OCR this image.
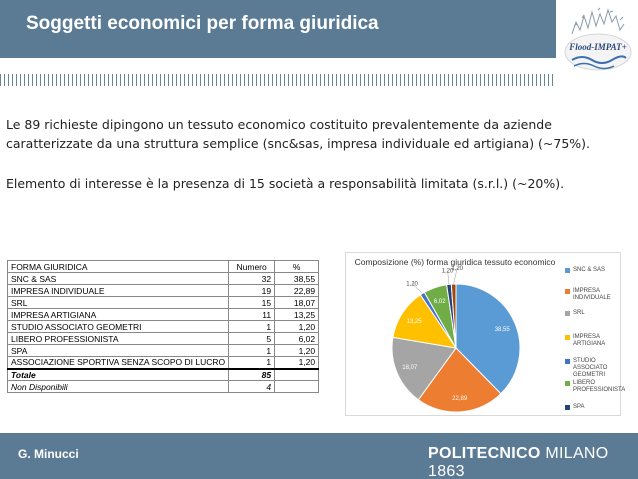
Soggetti economici per forma giuridica
Flood-IMPAT+
Le 89 richieste dipingono un tessuto economico costituito prevalentemente da aziende caratterizzate da una struttura semplice (snc&sas, impresa individuale ed artigiana) (~75%).
Elemento di interesse è la presenza di 15 società a responsabilità limitata (s.r.l.) (~20%).
FORMA GIURIDICA	Numero	%
SNC & SAS	32	38,55
IMPRESA INDIVIDUALE	19	22,89
SRL	15	18,07
IMPRESA ARTIGIANA	11	13,25
STUDIO ASSOCIATO GEOMETRI	1	1,20
LIBERO PROFESSIONISTA	5	6,02
SPA	1	1,20
ASSOCIAZIONE SPORTIVA SENZA SCOPO DI LUCRO	1	1,20
Totale	85	
Non Disponibili	4	
Composizione (%) forma giuridica tessuto economico
38,55
22,89
18,07
13,25
1,20
6,02
1,20
1,20	SNC & SAS
IMPRESA INDIVIDUALE
SRL
IMPRESA ARTIGIANA
STUDIO ASSOCIATO GEOMETRI
LIBERO PROFESSIONISTA
SPA
G. Minucci	POLITECNICO MILANO 1863
